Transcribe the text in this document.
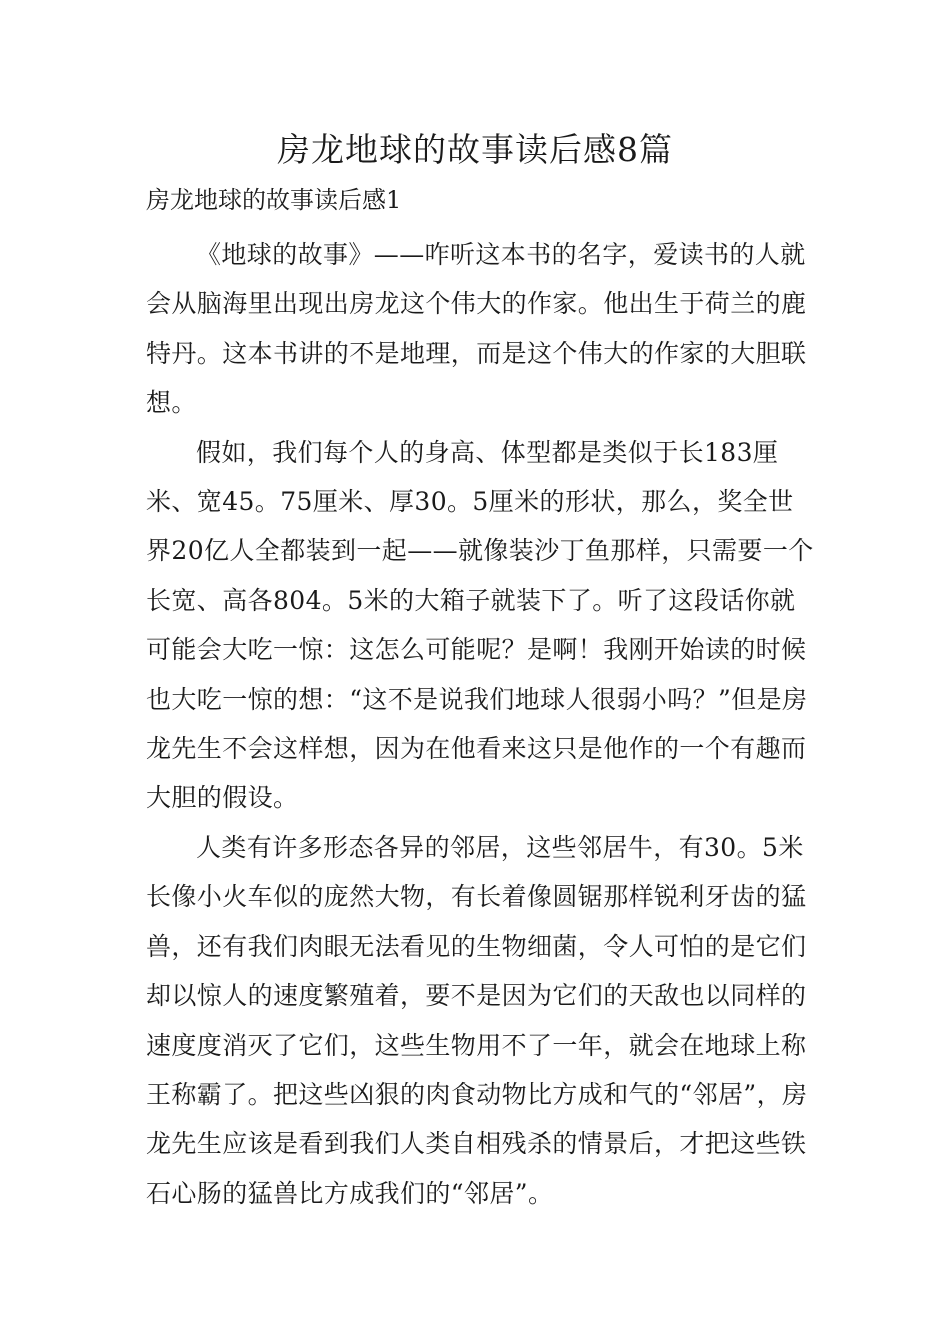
房龙地球的故事读后感8篇
房龙地球的故事读后感1

《地球的故事》——咋听这本书的名字，爱读书的人就会从脑海里出现出房龙这个伟大的作家。他出生于荷兰的鹿特丹。这本书讲的不是地理，而是这个伟大的作家的大胆联想。

假如，我们每个人的身高、体型都是类似于长183厘米、宽45。75厘米、厚30。5厘米的形状，那么，奖全世界20亿人全都装到一起——就像装沙丁鱼那样，只需要一个长宽、高各804。5米的大箱子就装下了。听了这段话你就可能会大吃一惊：这怎么可能呢？是啊！我刚开始读的时候也大吃一惊的想：“这不是说我们地球人很弱小吗？”但是房龙先生不会这样想，因为在他看来这只是他作的一个有趣而大胆的假设。

人类有许多形态各异的邻居，这些邻居牛，有30。5米长像小火车似的庞然大物，有长着像圆锯那样锐利牙齿的猛兽，还有我们肉眼无法看见的生物细菌，令人可怕的是它们却以惊人的速度繁殖着，要不是因为它们的天敌也以同样的速度度消灭了它们，这些生物用不了一年，就会在地球上称王称霸了。把这些凶狠的肉食动物比方成和气的“邻居”，房龙先生应该是看到我们人类自相残杀的情景后，才把这些铁石心肠的猛兽比方成我们的“邻居”。
